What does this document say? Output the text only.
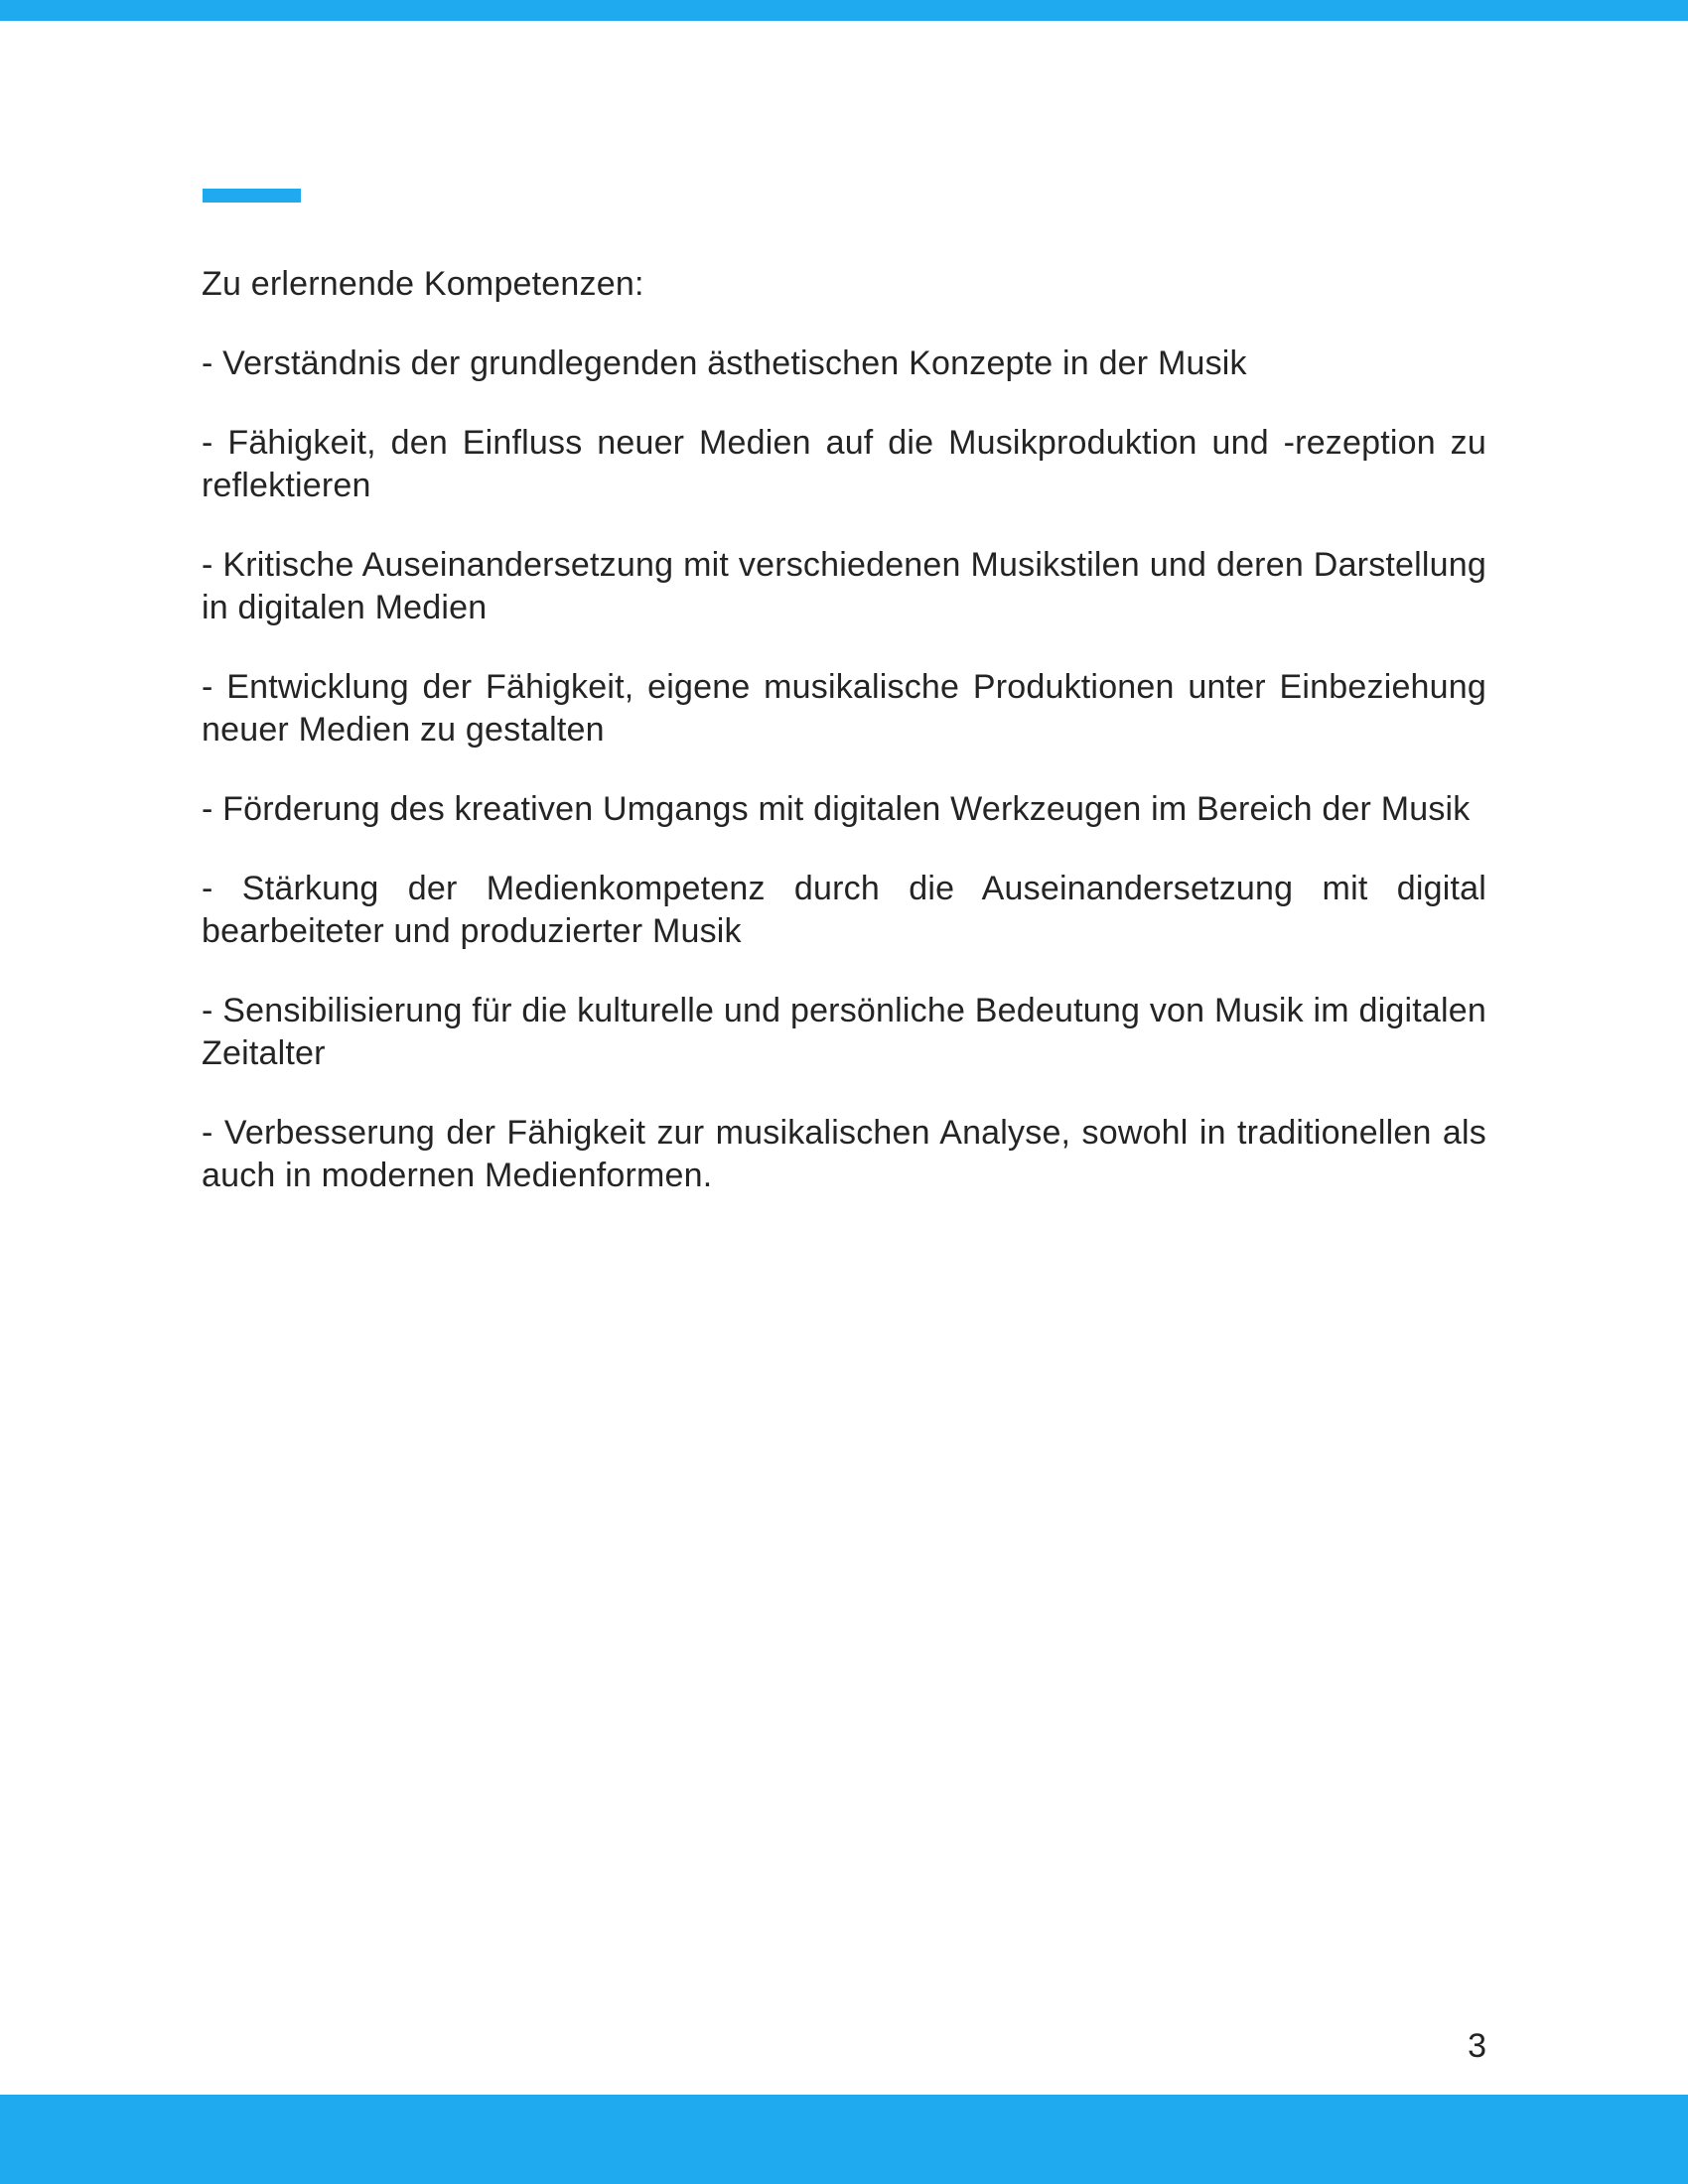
Zu erlernende Kompetenzen:

- Verständnis der grundlegenden ästhetischen Konzepte in der Musik

- Fähigkeit, den Einfluss neuer Medien auf die Musikproduktion und -rezeption zu reflektieren

- Kritische Auseinandersetzung mit verschiedenen Musikstilen und deren Darstellung in digitalen Medien

- Entwicklung der Fähigkeit, eigene musikalische Produktionen unter Einbeziehung neuer Medien zu gestalten

- Förderung des kreativen Umgangs mit digitalen Werkzeugen im Bereich der Musik

- Stärkung der Medienkompetenz durch die Auseinandersetzung mit digital bearbeiteter und produzierter Musik

- Sensibilisierung für die kulturelle und persönliche Bedeutung von Musik im digitalen Zeitalter

- Verbesserung der Fähigkeit zur musikalischen Analyse, sowohl in traditionellen als auch in modernen Medienformen.

3
